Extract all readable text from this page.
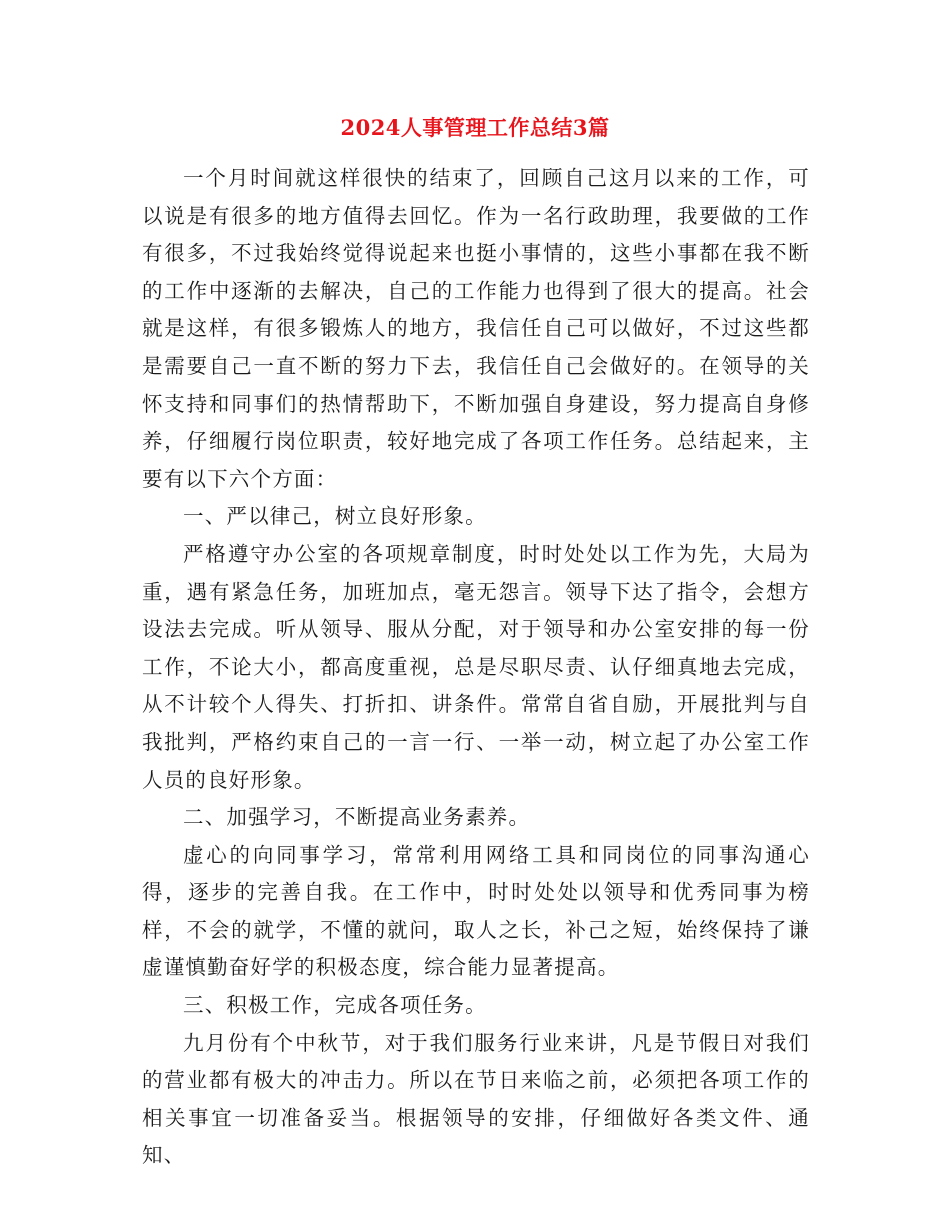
2024人事管理工作总结3篇

一个月时间就这样很快的结束了，回顾自己这月以来的工作，可以说是有很多的地方值得去回忆。作为一名行政助理，我要做的工作有很多，不过我始终觉得说起来也挺小事情的，这些小事都在我不断的工作中逐渐的去解决，自己的工作能力也得到了很大的提高。社会就是这样，有很多锻炼人的地方，我信任自己可以做好，不过这些都是需要自己一直不断的努力下去，我信任自己会做好的。在领导的关怀支持和同事们的热情帮助下，不断加强自身建设，努力提高自身修养，仔细履行岗位职责，较好地完成了各项工作任务。总结起来，主要有以下六个方面：

一、严以律己，树立良好形象。

严格遵守办公室的各项规章制度，时时处处以工作为先，大局为重，遇有紧急任务，加班加点，毫无怨言。领导下达了指令，会想方设法去完成。听从领导、服从分配，对于领导和办公室安排的每一份工作，不论大小，都高度重视，总是尽职尽责、认仔细真地去完成，从不计较个人得失、打折扣、讲条件。常常自省自励，开展批判与自我批判，严格约束自己的一言一行、一举一动，树立起了办公室工作人员的良好形象。

二、加强学习，不断提高业务素养。

虚心的向同事学习，常常利用网络工具和同岗位的同事沟通心得，逐步的完善自我。在工作中，时时处处以领导和优秀同事为榜样，不会的就学，不懂的就问，取人之长，补己之短，始终保持了谦虚谨慎勤奋好学的积极态度，综合能力显著提高。

三、积极工作，完成各项任务。

九月份有个中秋节，对于我们服务行业来讲，凡是节假日对我们的营业都有极大的冲击力。所以在节日来临之前，必须把各项工作的相关事宜一切准备妥当。根据领导的安排，仔细做好各类文件、通知、
